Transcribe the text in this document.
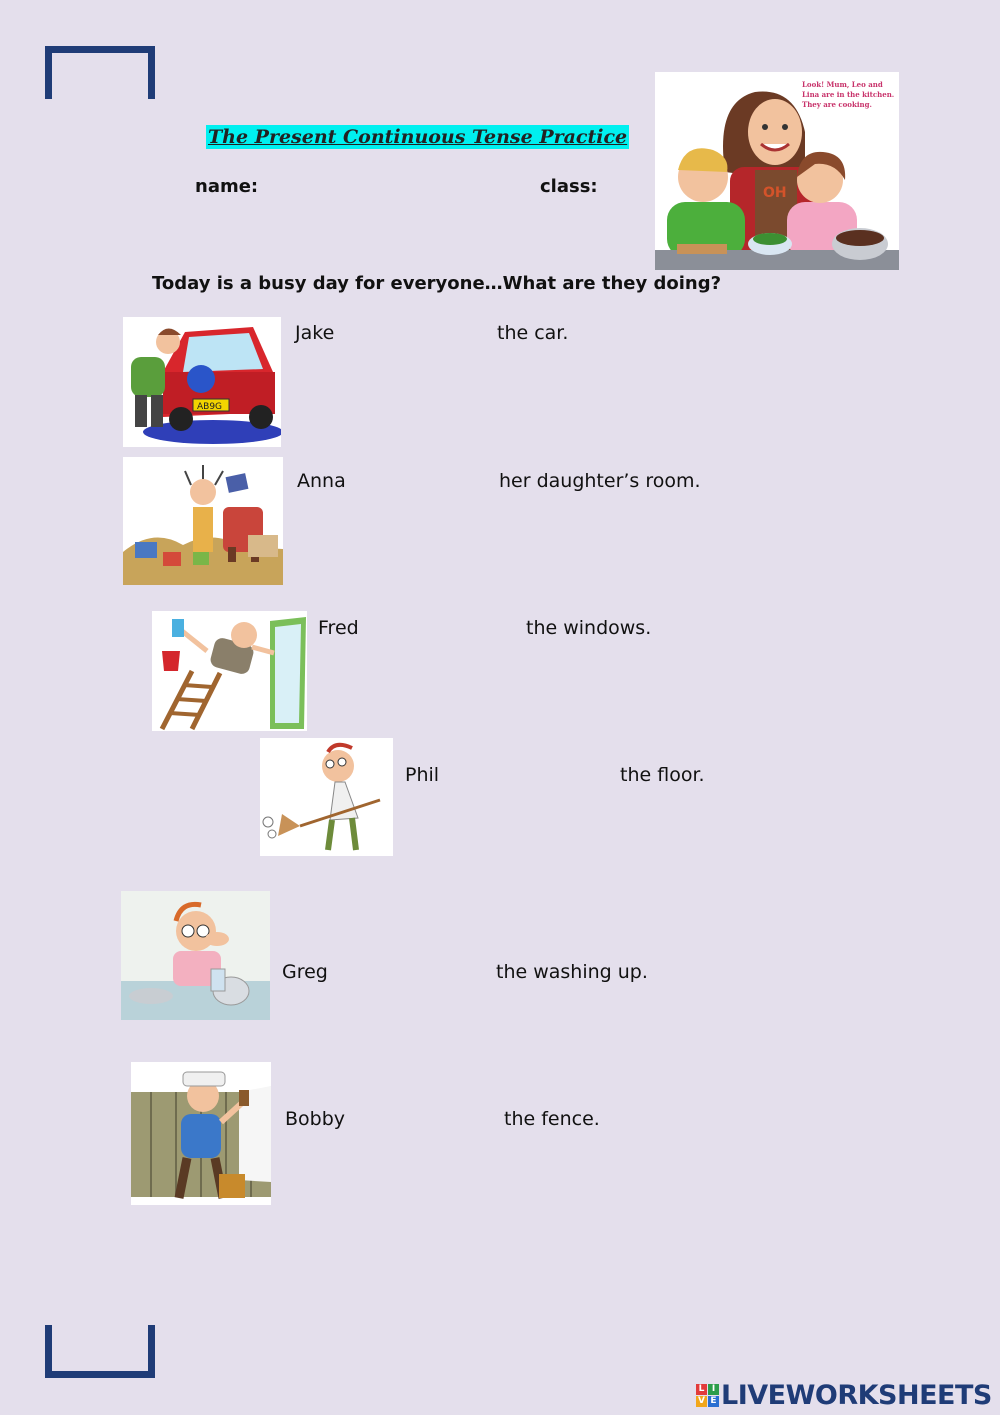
The Present Continuous Tense Practice
name:	class:	OH
Look! Mum, Leo and
Lina are in the kitchen.
They are cooking.
Today is a busy day for everyone…What are they doing?
AB9G
Jake	the car.
Anna	her daughter’s room.
Fred	the windows.
Phil	the floor.
Greg	the washing up.
Bobby	the fence.
L I
V E LIVEWORKSHEETS
